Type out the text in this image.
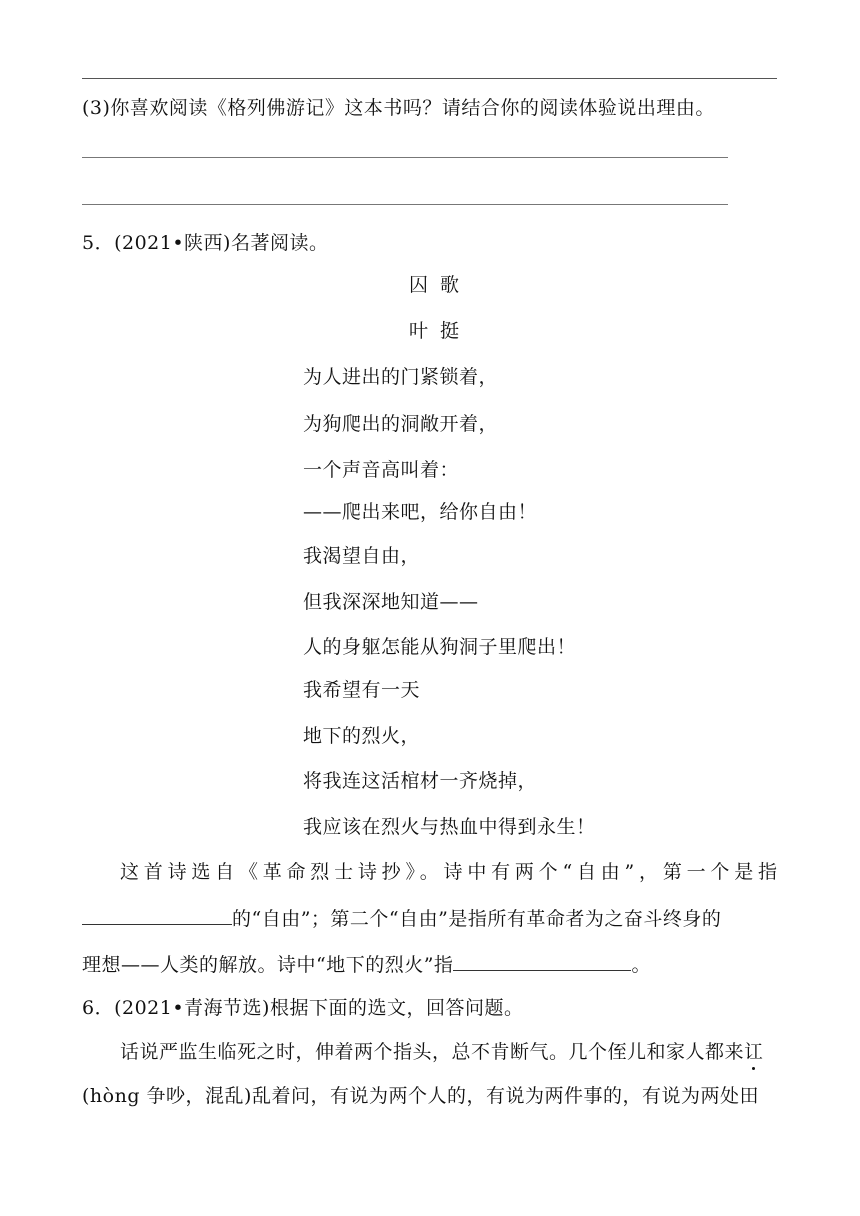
(3)你喜欢阅读《格列佛游记》这本书吗？请结合你的阅读体验说出理由。
5．(2021•陕西)名著阅读。
囚歌
叶挺
为人进出的门紧锁着，
为狗爬出的洞敞开着，
一个声音高叫着：
——爬出来吧，给你自由！
我渴望自由，
但我深深地知道——
人的身躯怎能从狗洞子里爬出！
我希望有一天
地下的烈火，
将我连这活棺材一齐烧掉，
我应该在烈火与热血中得到永生！
这首诗选自《革命烈士诗抄》。诗中有两个“自由”，第一个是指
的“自由”；第二个“自由”是指所有革命者为之奋斗终身的
理想——人类的解放。诗中“地下的烈火”指	。
6．(2021•青海节选)根据下面的选文，回答问题。
话说严监生临死之时，伸着两个指头，总不肯断气。几个侄儿和家人都来讧
(hòng 争吵，混乱)乱着问，有说为两个人的，有说为两件事的，有说为两处田
